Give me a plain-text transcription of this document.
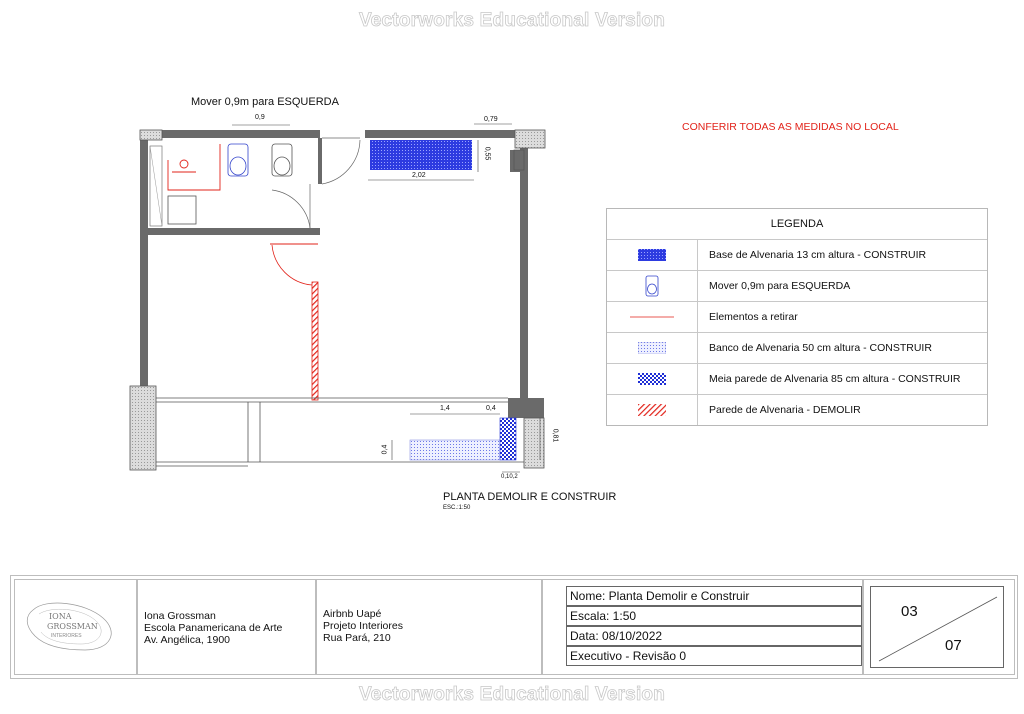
Vectorworks Educational Version
Vectorworks Educational Version
Mover 0,9m para ESQUERDA
CONFERIR TODAS AS MEDIDAS NO LOCAL
0,9	0,79
0,55
2,02
1,4	0,4
0,81
0,4
0,10,2
PLANTA DEMOLIR E CONSTRUIR
ESC.:1:50
LEGENDA
Base de Alvenaria 13 cm altura - CONSTRUIR
Mover 0,9m para ESQUERDA
Elementos a retirar
Banco de Alvenaria 50 cm altura - CONSTRUIR
Meia parede de Alvenaria 85 cm altura - CONSTRUIR
Parede de Alvenaria - DEMOLIR
IONA
GROSSMAN
INTERIORES
Iona Grossman
Escola Panamericana de Arte
Av. Angélica, 1900
Airbnb Uapé
Projeto Interiores
Rua Pará, 210
Nome: Planta Demolir e Construir
Escala: 1:50
Data: 08/10/2022
Executivo - Revisão 0
03
07
